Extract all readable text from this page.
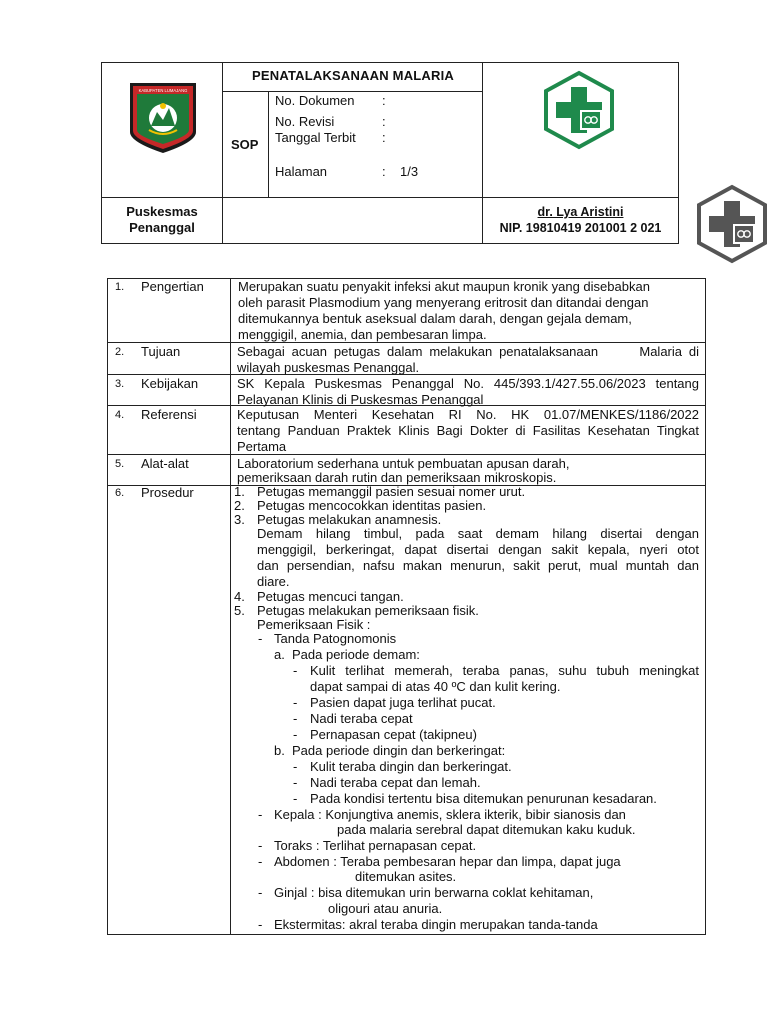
KABUPATEN LUMAJANG
PENATALAKSANAAN MALARIA
SOP
No. Dokumen :
No. Revisi	:
Tanggal Terbit :
Halaman	: 1/3
Puskesmas
Penanggal
dr. Lya Aristini
NIP. 19810419 201001 2 021
1. Pengertian
2. Tujuan
3. Kebijakan
4. Referensi
5. Alat-alat
6. Prosedur
Merupakan suatu penyakit infeksi akut maupun kronik yang disebabkan
oleh parasit Plasmodium yang menyerang eritrosit dan ditandai dengan
ditemukannya bentuk aseksual dalam darah, dengan gejala demam,
menggigil, anemia, dan pembesaran limpa.
Sebagai acuan petugas dalam melakukan penatalaksanaan      Malaria di
wilayah puskesmas Penanggal.
SK Kepala Puskesmas Penanggal No. 445/393.1/427.55.06/2023 tentang
Pelayanan Klinis di Puskesmas Penanggal
Keputusan Menteri Kesehatan RI No. HK 01.07/MENKES/1186/2022
tentang Panduan Praktek Klinis Bagi Dokter di Fasilitas Kesehatan Tingkat
Pertama
Laboratorium sederhana untuk pembuatan apusan darah,
pemeriksaan darah rutin dan pemeriksaan mikroskopis.
1. Petugas memanggil pasien sesuai nomer urut.
2. Petugas mencocokkan identitas pasien.
3. Petugas melakukan anamnesis.
Demam hilang timbul, pada saat demam hilang disertai dengan
menggigil, berkeringat, dapat disertai dengan sakit kepala, nyeri otot
dan persendian, nafsu makan menurun, sakit perut, mual muntah dan
diare.
4. Petugas mencuci tangan.
5. Petugas melakukan pemeriksaan fisik.
Pemeriksaan Fisik :
- Tanda Patognomonis
a. Pada periode demam:
- Kulit terlihat memerah, teraba panas, suhu tubuh meningkat
dapat sampai di atas 40 ºC dan kulit kering.
- Pasien dapat juga terlihat pucat.
- Nadi teraba cepat
- Pernapasan cepat (takipneu)
b. Pada periode dingin dan berkeringat:
- Kulit teraba dingin dan berkeringat.
- Nadi teraba cepat dan lemah.
- Pada kondisi tertentu bisa ditemukan penurunan kesadaran.
- Kepala : Konjungtiva anemis, sklera ikterik, bibir sianosis dan
pada malaria serebral dapat ditemukan kaku kuduk.
- Toraks : Terlihat pernapasan cepat.
- Abdomen : Teraba pembesaran hepar dan limpa, dapat juga
ditemukan asites.
- Ginjal : bisa ditemukan urin berwarna coklat kehitaman,
oligouri atau anuria.
- Ekstermitas: akral teraba dingin merupakan tanda-tanda
